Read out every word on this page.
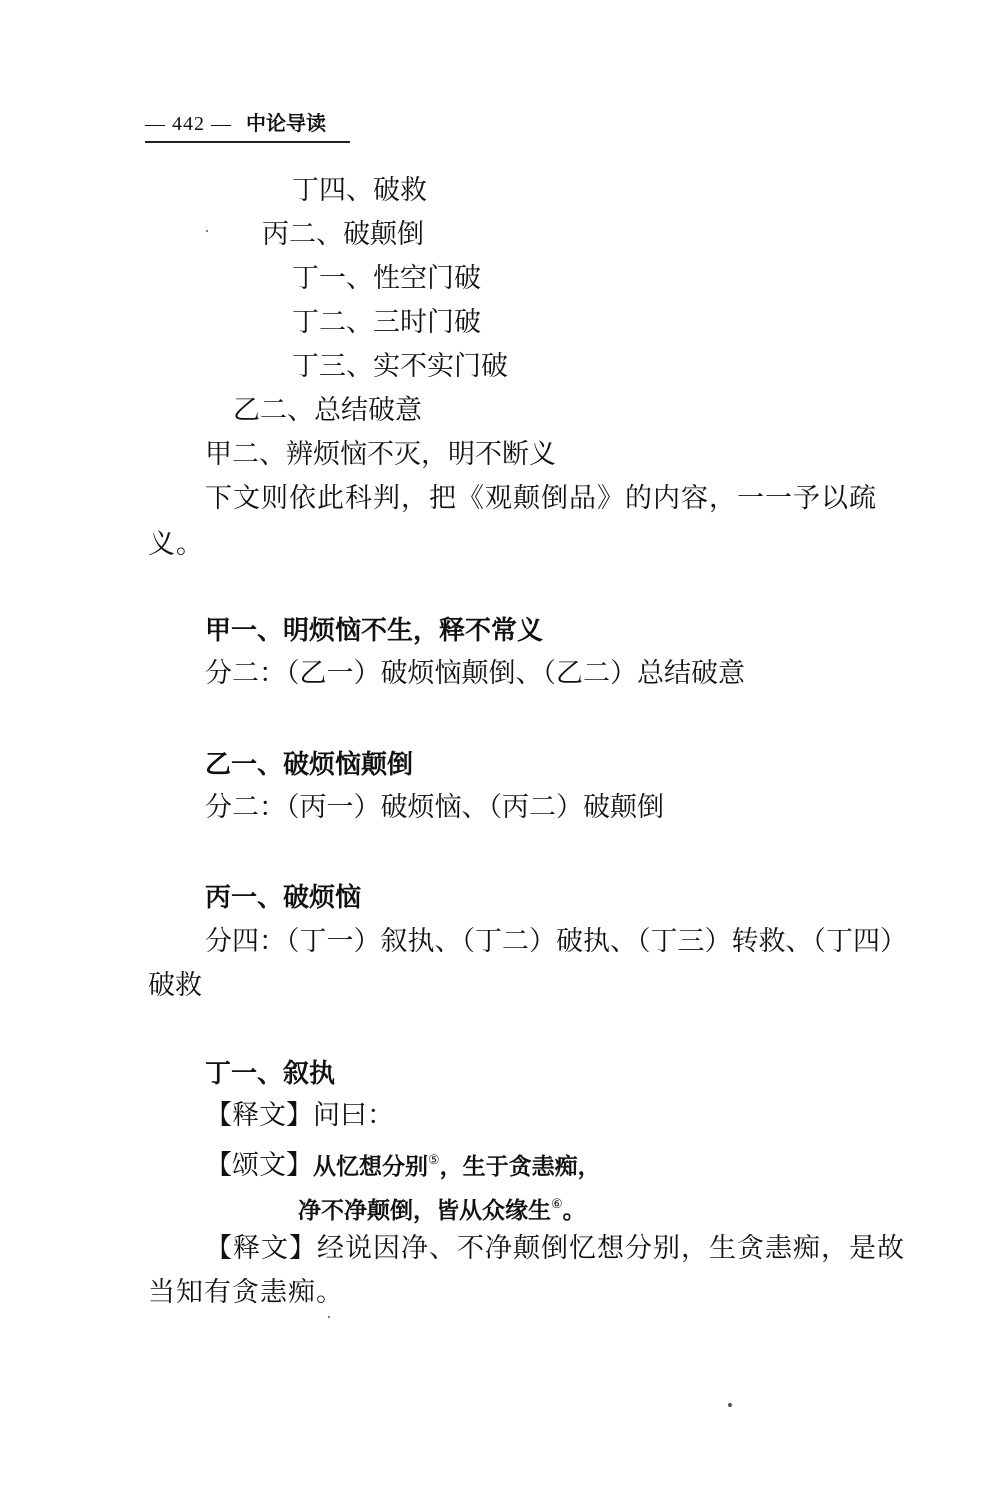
— 442 — 中论导读
丁四、破救
丙二、破颠倒
丁一、性空门破
丁二、三时门破
丁三、实不实门破
乙二、总结破意
甲二、辨烦恼不灭，明不断义
下文则依此科判，把《观颠倒品》的内容，一一予以疏
义。
甲一、明烦恼不生，释不常义
分二：（乙一）破烦恼颠倒、（乙二）总结破意
乙一、破烦恼颠倒
分二：（丙一）破烦恼、（丙二）破颠倒
丙一、破烦恼
分四：（丁一）叙执、（丁二）破执、（丁三）转救、（丁四）
破救
丁一、叙执
【释文】问曰：
【颂文】从忆想分别⑤，生于贪恚痴，
净不净颠倒，皆从众缘生⑥。
【释文】经说因净、不净颠倒忆想分别，生贪恚痴，是故
当知有贪恚痴。
